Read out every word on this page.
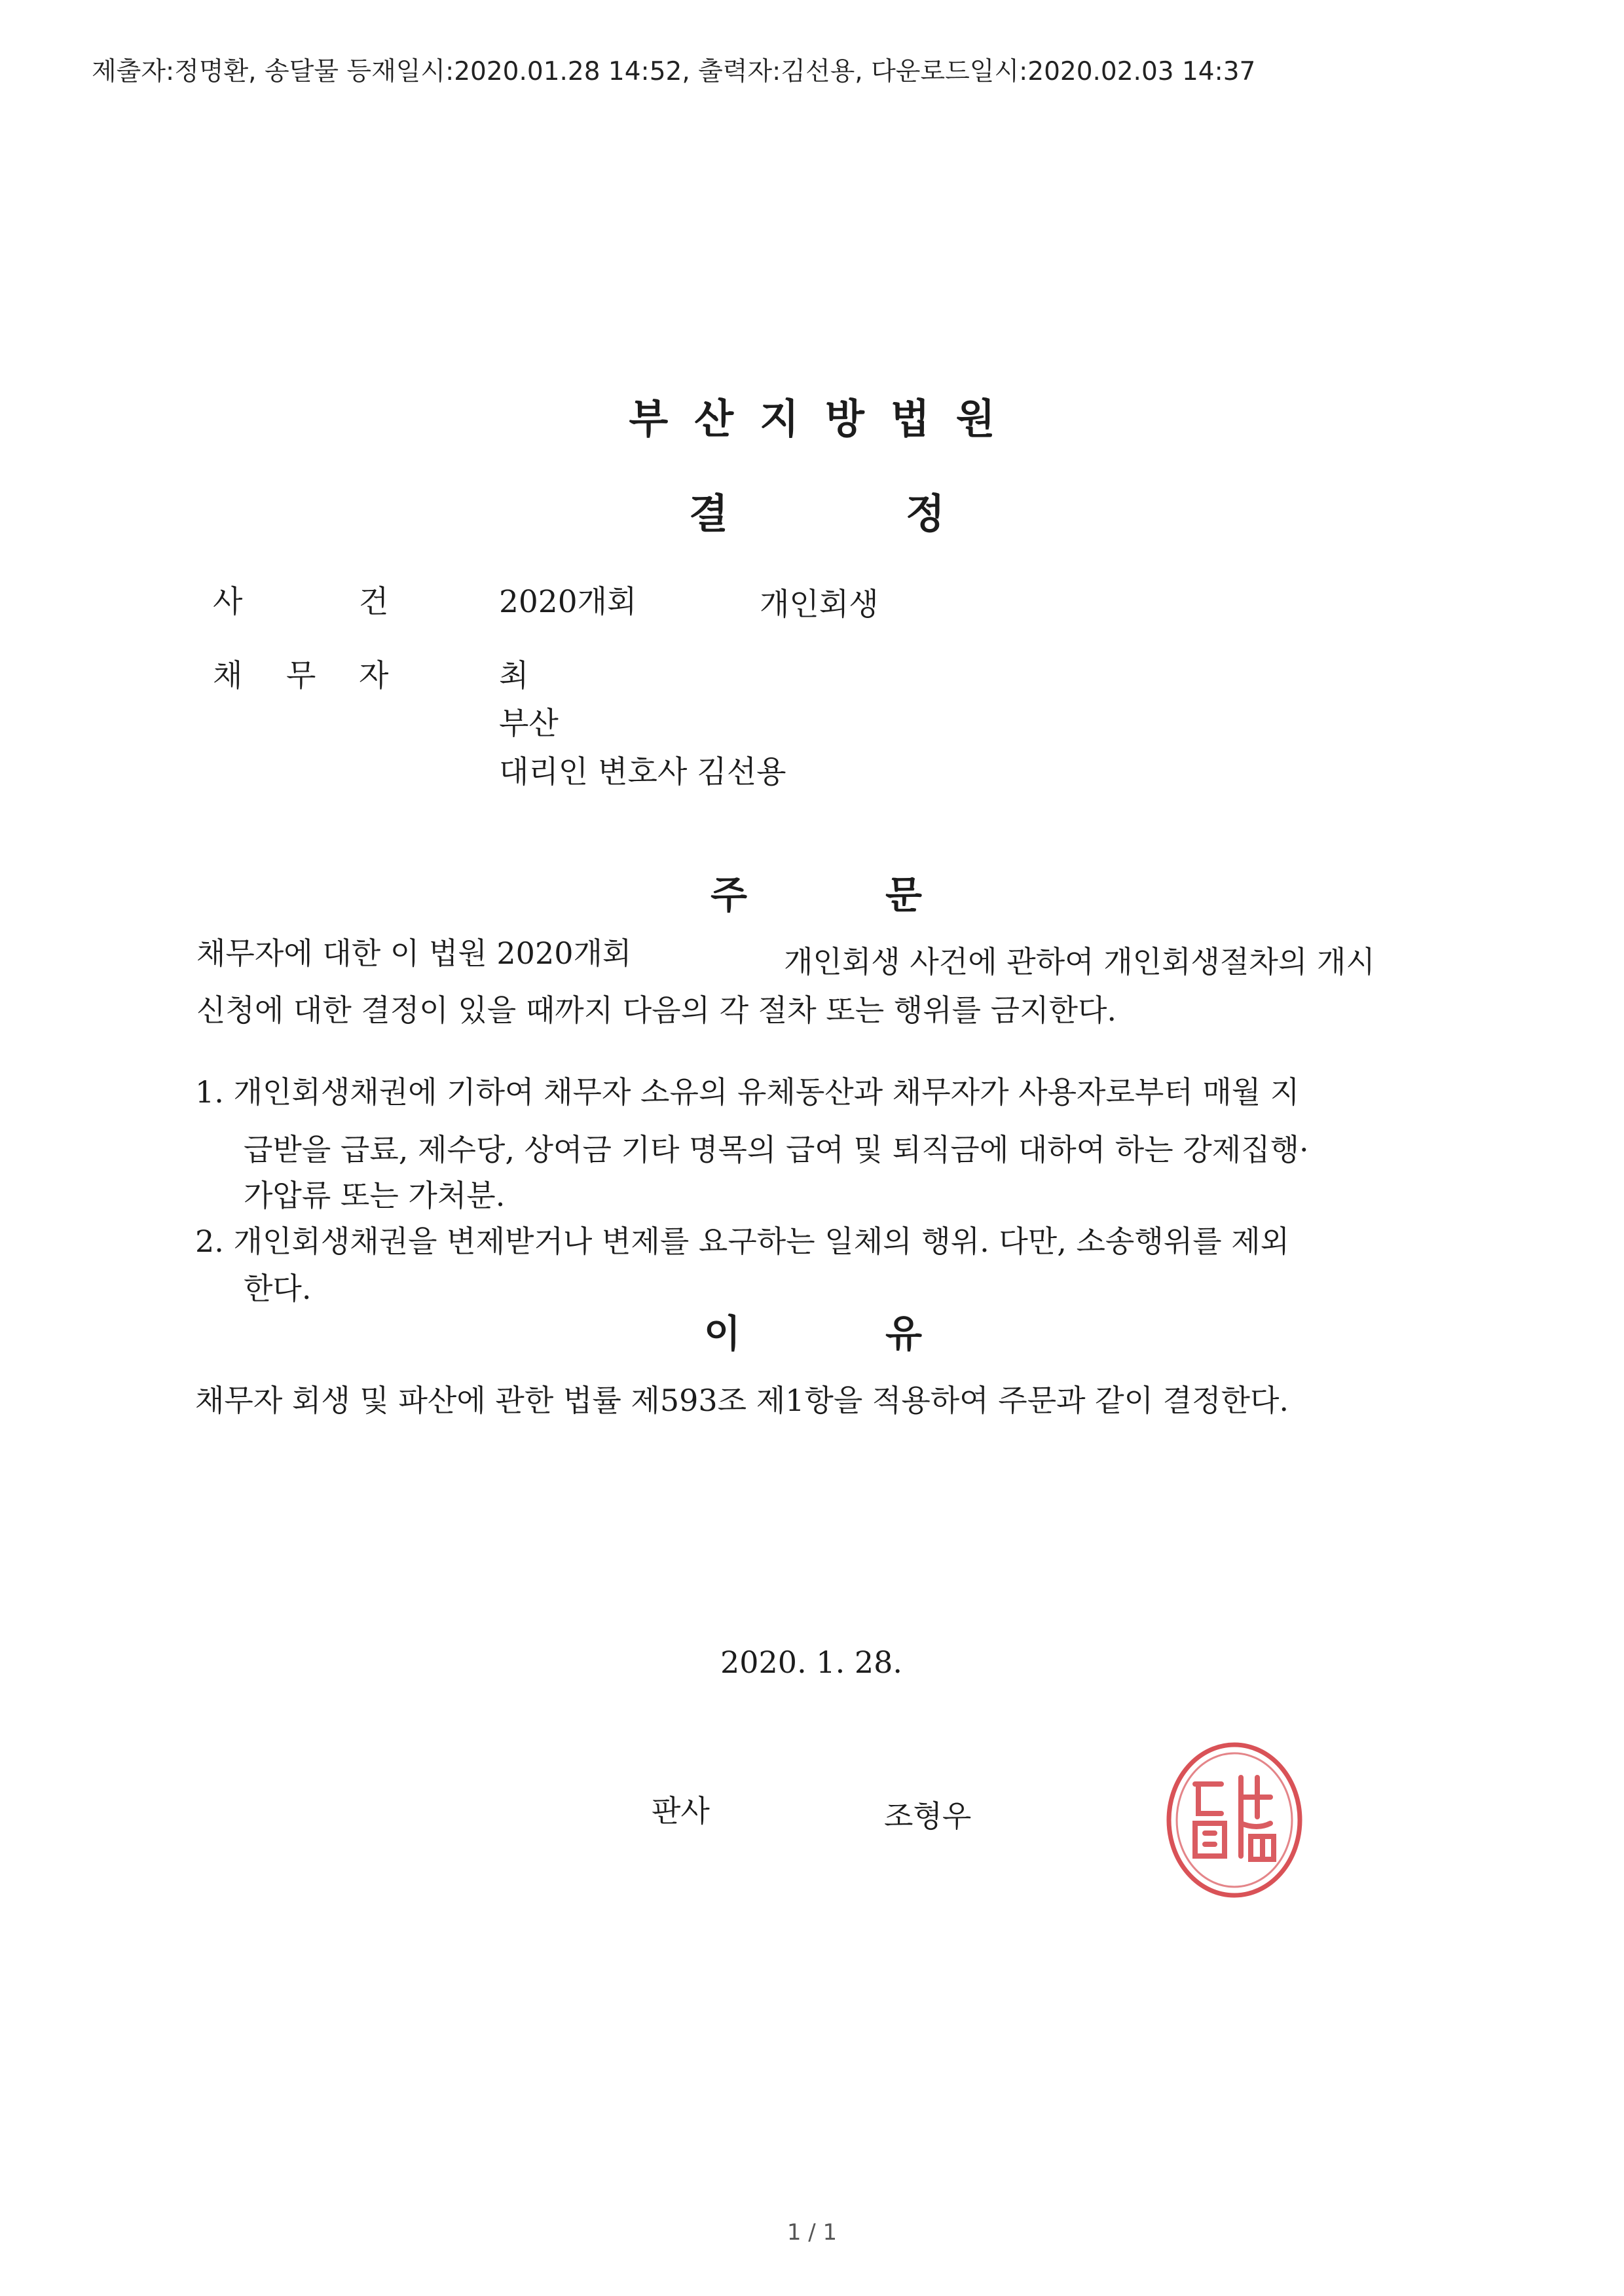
제출자:정명환, 송달물 등재일시:2020.01.28 14:52, 출력자:김선용, 다운로드일시:2020.02.03 14:37
부산지방법원
결	정
사	건	2020개회	개인회생
채 무 자	최
부산
대리인 변호사 김선용
주	문
채무자에 대한 이 법원 2020개회	개인회생 사건에 관하여 개인회생절차의 개시
신청에 대한 결정이 있을 때까지 다음의 각 절차 또는 행위를 금지한다.
1. 개인회생채권에 기하여 채무자 소유의 유체동산과 채무자가 사용자로부터 매월 지
급받을 급료, 제수당, 상여금 기타 명목의 급여 및 퇴직금에 대하여 하는 강제집행·
가압류 또는 가처분.
2. 개인회생채권을 변제받거나 변제를 요구하는 일체의 행위. 다만, 소송행위를 제외
한다.
이	유
채무자 회생 및 파산에 관한 법률 제593조 제1항을 적용하여 주문과 같이 결정한다.
2020. 1. 28.
판사	조형우
1 / 1
